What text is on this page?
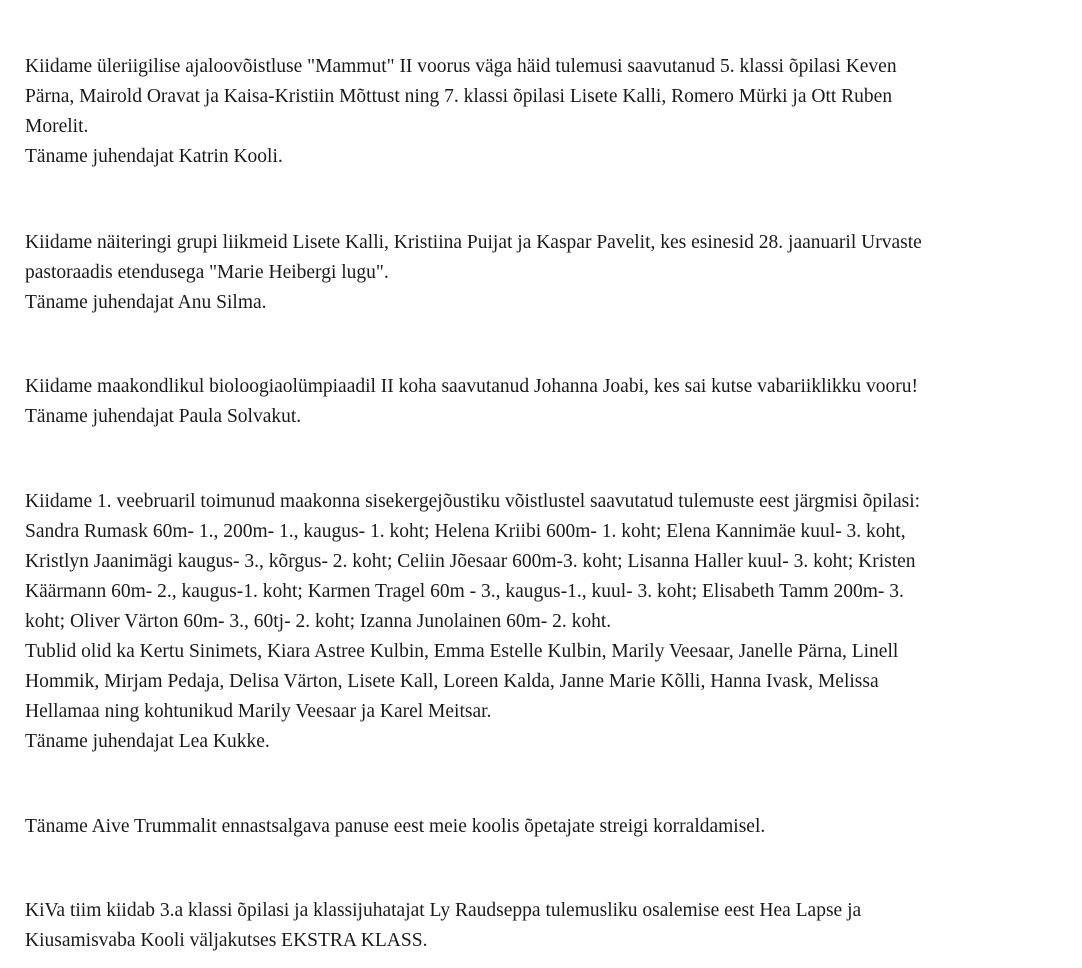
Kiidame üleriigilise ajaloovõistluse "Mammut" II voorus väga häid tulemusi saavutanud 5. klassi õpilasi Keven
Pärna, Mairold Oravat ja Kaisa-Kristiin Mõttust ning 7. klassi õpilasi Lisete Kalli, Romero Mürki ja Ott Ruben
Morelit.
Täname juhendajat Katrin Kooli.
Kiidame näiteringi grupi liikmeid Lisete Kalli, Kristiina Puijat ja Kaspar Pavelit, kes esinesid 28. jaanuaril Urvaste
pastoraadis etendusega "Marie Heibergi lugu".
Täname juhendajat Anu Silma.
Kiidame maakondlikul bioloogiaolümpiaadil II koha saavutanud Johanna Joabi, kes sai kutse vabariiklikku vooru!
Täname juhendajat Paula Solvakut.
Kiidame 1. veebruaril toimunud maakonna sisekergejõustiku võistlustel saavutatud tulemuste eest järgmisi õpilasi:
Sandra Rumask 60m- 1., 200m- 1., kaugus- 1. koht; Helena Kriibi 600m- 1. koht; Elena Kannimäe kuul- 3. koht,
Kristlyn Jaanimägi kaugus- 3., kõrgus- 2. koht; Celiin Jõesaar 600m-3. koht; Lisanna Haller kuul- 3. koht; Kristen
Käärmann 60m- 2., kaugus-1. koht; Karmen Tragel 60m - 3., kaugus-1., kuul- 3. koht; Elisabeth Tamm 200m- 3.
koht; Oliver Värton 60m- 3., 60tj- 2. koht; Izanna Junolainen 60m- 2. koht.
Tublid olid ka Kertu Sinimets, Kiara Astree Kulbin, Emma Estelle Kulbin, Marily Veesaar, Janelle Pärna, Linell
Hommik, Mirjam Pedaja, Delisa Värton, Lisete Kall, Loreen Kalda, Janne Marie Kõlli, Hanna Ivask, Melissa
Hellamaa ning kohtunikud Marily Veesaar ja Karel Meitsar.
Täname juhendajat Lea Kukke.
Täname Aive Trummalit ennastsalgava panuse eest meie koolis õpetajate streigi korraldamisel.
KiVa tiim kiidab 3.a klassi õpilasi ja klassijuhatajat Ly Raudseppa tulemusliku osalemise eest Hea Lapse ja
Kiusamisvaba Kooli väljakutses EKSTRA KLASS.
